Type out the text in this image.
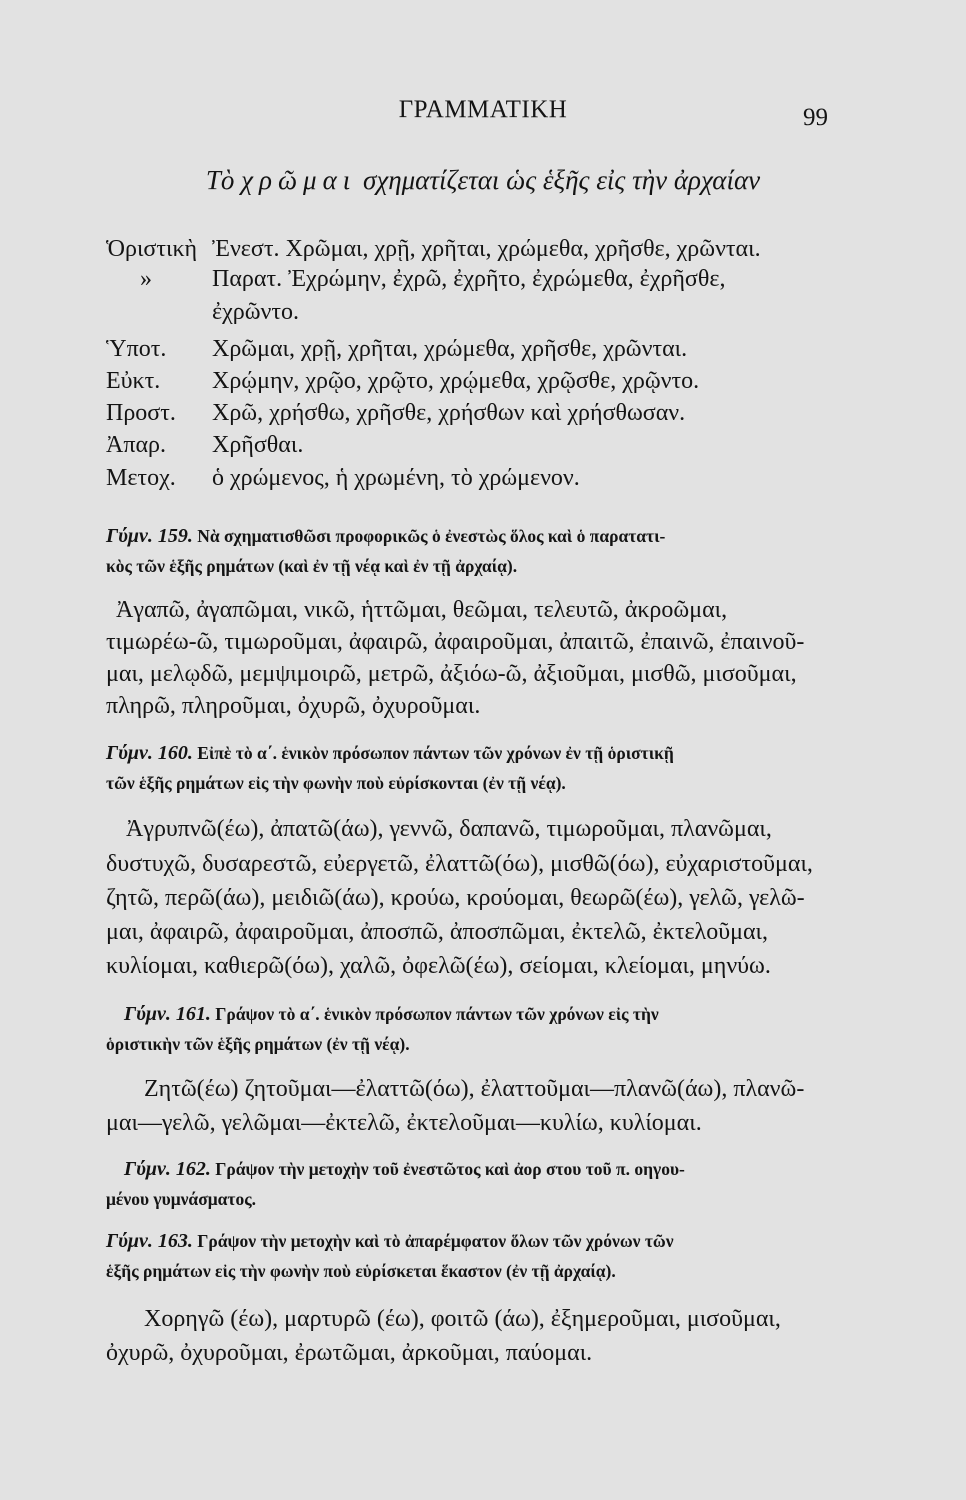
ΓΡΑΜΜΑΤΙΚΗ	99
Τὸ χρῶμαι σχηματίζεται ὡς ἑξῆς εἰς τὴν ἀρχαίαν
Ὁριστικὴ Ἐνεστ. Χρῶμαι, χρῇ, χρῆται, χρώμεθα, χρῆσθε, χρῶνται.
»	Παρατ. Ἐχρώμην, ἐχρῶ, ἐχρῆτο, ἐχρώμεθα, ἐχρῆσθε,
ἐχρῶντο.
Ὑποτ. Χρῶμαι, χρῇ, χρῆται, χρώμεθα, χρῆσθε, χρῶνται.
Εὐκτ. Χρῴμην, χρῷο, χρῷτο, χρῴμεθα, χρῷσθε, χρῷντο.
Προστ. Χρῶ, χρήσθω, χρῆσθε, χρήσθων καὶ χρήσθωσαν.
Ἀπαρ. Χρῆσθαι.
Μετοχ. ὁ χρώμενος, ἡ χρωμένη, τὸ χρώμενον.
Γύμν. 159. Νὰ σχηματισθῶσι προφορικῶς ὁ ἐνεστὼς ὅλος καὶ ὁ παρατατι-
κὸς τῶν ἑξῆς ρημάτων (καὶ ἐν τῇ νέᾳ καὶ ἐν τῇ ἀρχαίᾳ).
Ἀγαπῶ, ἀγαπῶμαι, νικῶ, ἡττῶμαι, θεῶμαι, τελευτῶ, ἀκροῶμαι,
τιμωρέω-ῶ, τιμωροῦμαι, ἀφαιρῶ, ἀφαιροῦμαι, ἀπαιτῶ, ἐπαινῶ, ἐπαινοῦ-
μαι, μελῳδῶ, μεμψιμοιρῶ, μετρῶ, ἀξιόω-ῶ, ἀξιοῦμαι, μισθῶ, μισοῦμαι,
πληρῶ, πληροῦμαι, ὀχυρῶ, ὀχυροῦμαι.
Γύμν. 160. Εἰπὲ τὸ α΄. ἑνικὸν πρόσωπον πάντων τῶν χρόνων ἐν τῇ ὁριστικῇ
τῶν ἑξῆς ρημάτων εἰς τὴν φωνὴν ποὺ εὑρίσκονται (ἐν τῇ νέᾳ).
Ἀγρυπνῶ(έω), ἀπατῶ(άω), γεννῶ, δαπανῶ, τιμωροῦμαι, πλανῶμαι,
δυστυχῶ, δυσαρεστῶ, εὐεργετῶ, ἐλαττῶ(όω), μισθῶ(όω), εὐχαριστοῦμαι,
ζητῶ, περῶ(άω), μειδιῶ(άω), κρούω, κρούομαι, θεωρῶ(έω), γελῶ, γελῶ-
μαι, ἀφαιρῶ, ἀφαιροῦμαι, ἀποσπῶ, ἀποσπῶμαι, ἐκτελῶ, ἐκτελοῦμαι,
κυλίομαι, καθιερῶ(όω), χαλῶ, ὀφελῶ(έω), σείομαι, κλείομαι, μηνύω.
Γύμν. 161. Γράψον τὸ α΄. ἑνικὸν πρόσωπον πάντων τῶν χρόνων εἰς τὴν
ὁριστικὴν τῶν ἑξῆς ρημάτων (ἐν τῇ νέᾳ).
Ζητῶ(έω) ζητοῦμαι—ἐλαττῶ(όω), ἐλαττοῦμαι—πλανῶ(άω), πλανῶ-
μαι—γελῶ, γελῶμαι—ἐκτελῶ, ἐκτελοῦμαι—κυλίω, κυλίομαι.
Γύμν. 162. Γράψον τὴν μετοχὴν τοῦ ἐνεστῶτος καὶ ἀορ στου τοῦ π. οηγου-
μένου γυμνάσματος.
Γύμν. 163. Γράψον τὴν μετοχὴν καὶ τὸ ἀπαρέμφατον ὅλων τῶν χρόνων τῶν
ἑξῆς ρημάτων εἰς τὴν φωνὴν ποὺ εὑρίσκεται ἕκαστον (ἐν τῇ ἀρχαίᾳ).
Χορηγῶ (έω), μαρτυρῶ (έω), φοιτῶ (άω), ἐξημεροῦμαι, μισοῦμαι,
ὀχυρῶ, ὀχυροῦμαι, ἐρωτῶμαι, ἀρκοῦμαι, παύομαι.
